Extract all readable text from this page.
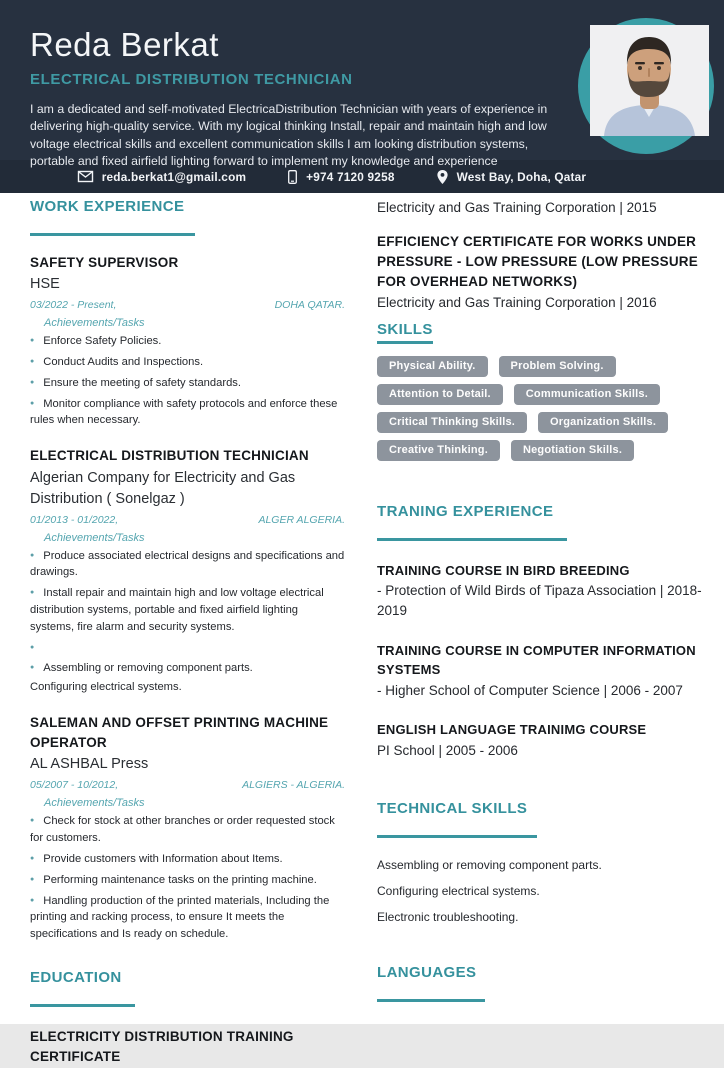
Reda Berkat
ELECTRICAL DISTRIBUTION TECHNICIAN

I am a dedicated and self-motivated ElectricaDistribution Technician with years of experience in delivering high-quality service. With my logical thinking Install, repair and maintain high and low voltage electrical skills and excellent communication skills I am looking distribution systems, portable and fixed airfield lighting forward to implement my knowledge and experience

reda.berkat1@gmail.com	+974 7120 9258	West Bay, Doha, Qatar
WORK EXPERIENCE
SAFETY SUPERVISOR
HSE
03/2022 - Present,	DOHA QATAR.
Achievements/Tasks
● Enforce Safety Policies.
● Conduct Audits and Inspections.
● Ensure the meeting of safety standards.
● Monitor compliance with safety protocols and enforce these rules when necessary.
ELECTRICAL DISTRIBUTION TECHNICIAN
Algerian Company for Electricity and Gas Distribution ( Sonelgaz )
01/2013 - 01/2022,	ALGER ALGERIA.
Achievements/Tasks
● Produce associated electrical designs and specifications and drawings.
● Install repair and maintain high and low voltage electrical distribution systems, portable and fixed airfield lighting systems, fire alarm and security systems.
●
● Assembling or removing component parts.
Configuring electrical systems.
SALEMAN AND OFFSET PRINTING MACHINE OPERATOR
AL ASHBAL Press
05/2007 - 10/2012,	ALGIERS - ALGERIA.
Achievements/Tasks
● Check for stock at other branches or order requested stock for customers.
● Provide customers with Information about Items.
● Performing maintenance tasks on the printing machine.
● Handling production of the printed materials, Including the printing and racking process, to ensure It meets the specifications and Is ready on schedule.
EDUCATION
ELECTRICITY DISTRIBUTION TRAINING CERTIFICATE
Electricity and Gas Training Corporation | 2015
EFFICIENCY CERTIFICATE FOR WORKS UNDER PRESSURE - LOW PRESSURE (LOW PRESSURE FOR OVERHEAD NETWORKS)
Electricity and Gas Training Corporation | 2016
SKILLS
Physical Ability.	Problem Solving.
Attention to Detail.	Communication Skills.
Critical Thinking Skills.	Organization Skills.
Creative Thinking.	Negotiation Skills.
TRANING EXPERIENCE
TRAINING COURSE IN BIRD BREEDING
- Protection of Wild Birds of Tipaza Association | 2018-2019
TRAINING COURSE IN COMPUTER INFORMATION SYSTEMS
- Higher School of Computer Science | 2006 - 2007
ENGLISH LANGUAGE TRAINIMG COURSE
PI School | 2005 - 2006
TECHNICAL SKILLS
Assembling or removing component parts.
Configuring electrical systems.
Electronic troubleshooting.
LANGUAGES
